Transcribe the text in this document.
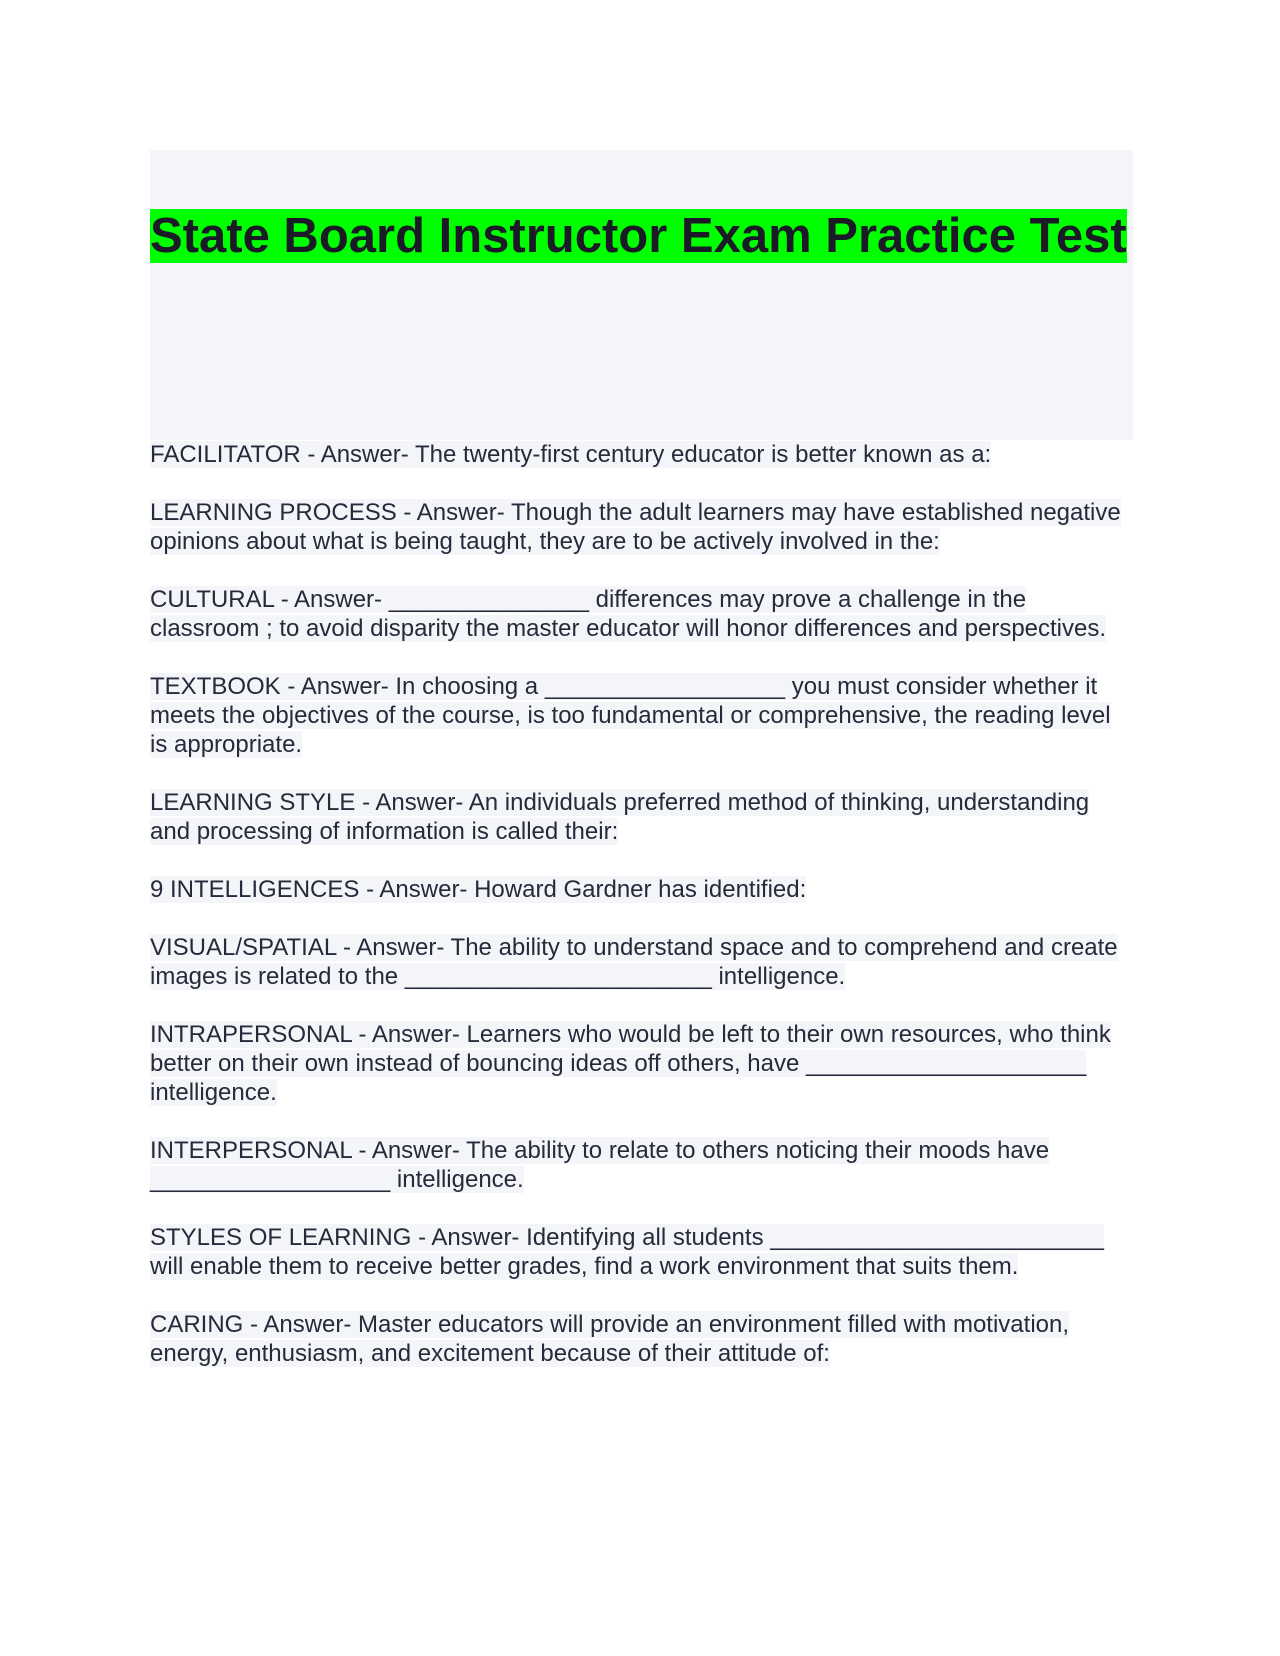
State Board Instructor Exam Practice Test
FACILITATOR - Answer- The twenty-first century educator is better known as a:
LEARNING PROCESS - Answer- Though the adult learners may have established negative opinions about what is being taught, they are to be actively involved in the:
CULTURAL - Answer- _______________ differences may prove a challenge in the classroom ; to avoid disparity the master educator will honor differences and perspectives.
TEXTBOOK - Answer- In choosing a __________________ you must consider whether it meets the objectives of the course, is too fundamental or comprehensive, the reading level is appropriate.
LEARNING STYLE - Answer- An individuals preferred method of thinking, understanding and processing of information is called their:
9 INTELLIGENCES - Answer- Howard Gardner has identified:
VISUAL/SPATIAL - Answer- The ability to understand space and to comprehend and create images is related to the _______________________ intelligence.
INTRAPERSONAL - Answer- Learners who would be left to their own resources, who think better on their own instead of bouncing ideas off others, have _____________________ intelligence.
INTERPERSONAL - Answer- The ability to relate to others noticing their moods have __________________ intelligence.
STYLES OF LEARNING - Answer- Identifying all students _________________________ will enable them to receive better grades, find a work environment that suits them.
CARING - Answer- Master educators will provide an environment filled with motivation, energy, enthusiasm, and excitement because of their attitude of:
